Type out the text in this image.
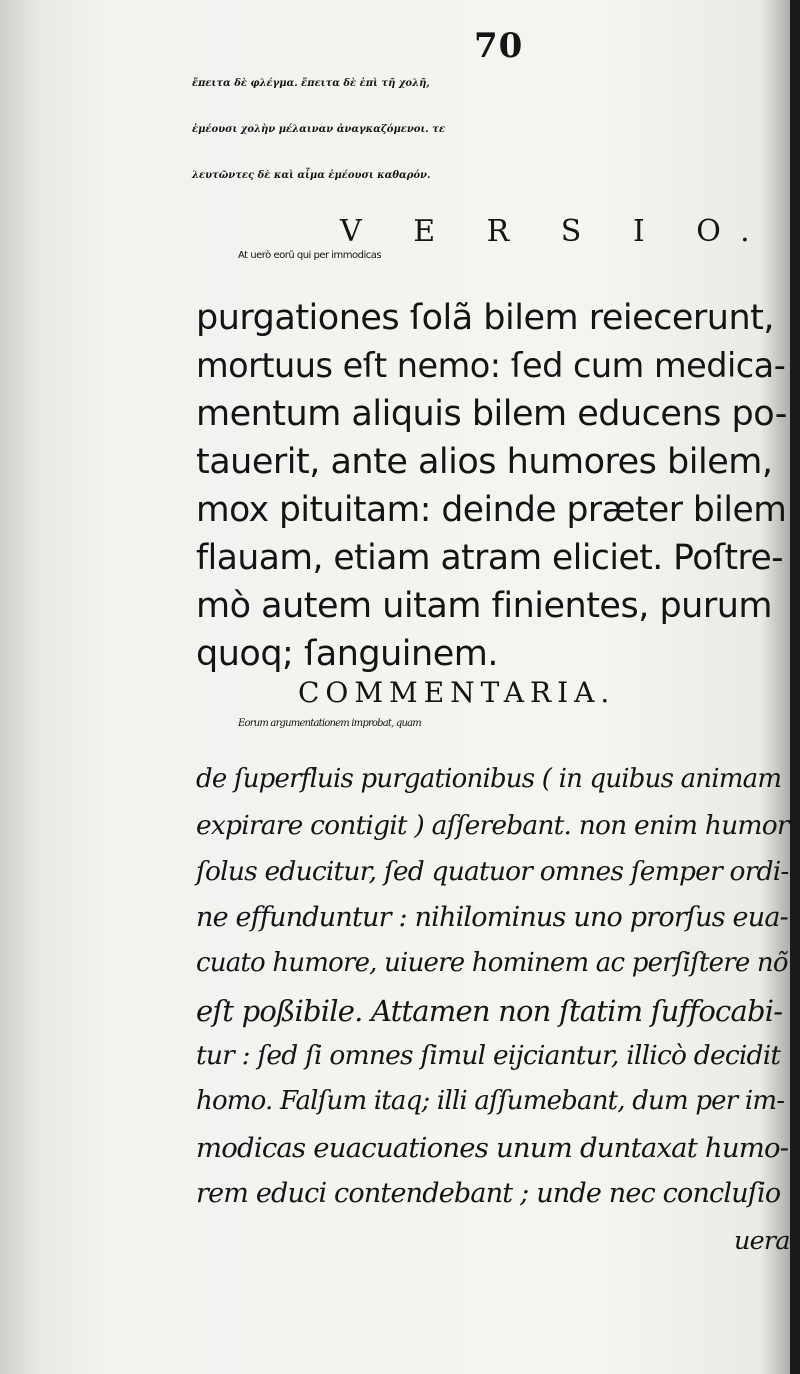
70
ἔπειτα δὲ φλέγμα. ἔπειτα δὲ ἐπὶ τῆ χολῆ,
ἐμέουσι χολὴν μέλαιναν ἀναγκαζόμενοι. τε
λευτῶντες δὲ καὶ αἷμα ἐμέουσι καθαρόν.
V E R S I O.
At uerò eorũ qui per immodicas
purgationes ſolã bilem reiecerunt,
mortuus eſt nemo: ſed cum medica-
mentum aliquis bilem educens po-
tauerit, ante alios humores bilem,
mox pituitam: deinde præter bilem
flauam, etiam atram eliciet. Poſtre-
mò autem uitam finientes, purum
quoq; ſanguinem.
COMMENTARIA.
Eorum argumentationem improbat, quam
de ſuperfluis purgationibus ( in quibus animam
expirare contigit ) aſſerebant. non enim humor
ſolus educitur, ſed quatuor omnes ſemper ordi-
ne effunduntur : nihilominus uno prorſus eua-
cuato humore, uiuere hominem ac perſiſtere nõ
eſt poßibile. Attamen non ſtatim ſuffocabi-
tur : ſed ſi omnes ſimul eijciantur, illicò decidit
homo. Falſum itaq; illi aſſumebant, dum per im-
modicas euacuationes unum duntaxat humo-
rem educi contendebant ; unde nec concluſio
uera
